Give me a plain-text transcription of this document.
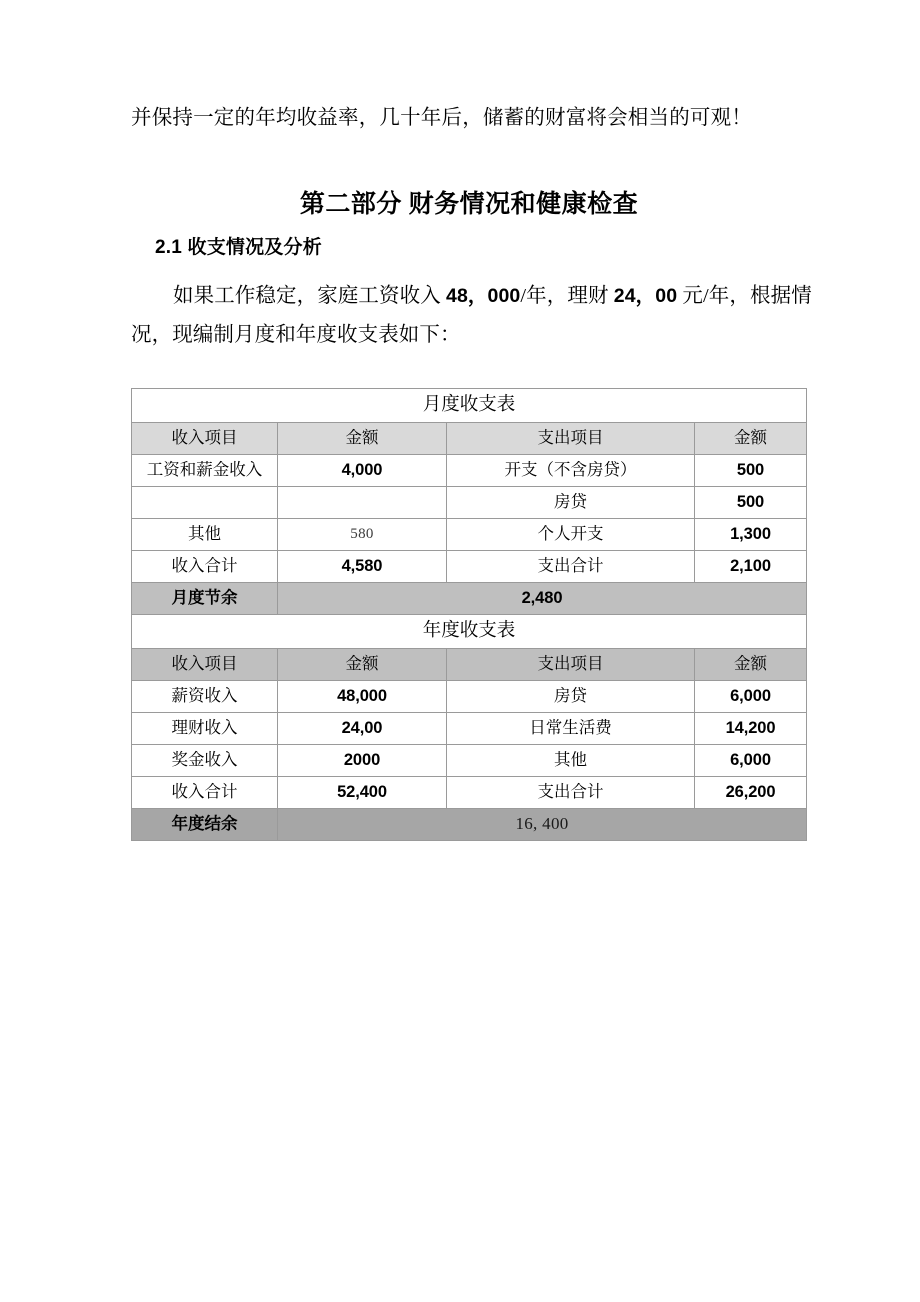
并保持一定的年均收益率，几十年后，储蓄的财富将会相当的可观！
第二部分 财务情况和健康检查
2.1 收支情况及分析
如果工作稳定，家庭工资收入 48，000/年，理财 24，00 元/年，根据情况，现编制月度和年度收支表如下：
月度收支表			
收入项目	金额	支出项目	金额
工资和薪金收入	4,000	开支（不含房贷）	500
		房贷	500
其他	580	个人开支	1,300
收入合计	4,580	支出合计	2,100
月度节余	2,480		
年度收支表			
收入项目	金额	支出项目	金额
薪资收入	48,000	房贷	6,000
理财收入	24,00	日常生活费	14,200
奖金收入	2000	其他	6,000
收入合计	52,400	支出合计	26,200
年度结余	16, 400		
